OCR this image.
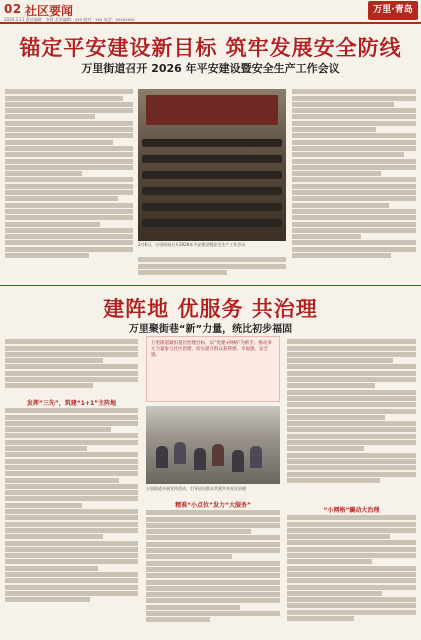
02 社区要闻
2026.3.11 责任编辑：李莉 美术编辑：xxx 校对：xxx 电话：xxxxxxxx
万里·青岛
锚定平安建设新目标 筑牢发展安全防线
万里街道召开 2026 年平安建设暨安全生产工作会议
2月6日，万里街道召开2026年平安建设暨安全生产工作会议
建阵地 优服务 共治理
万里聚街巷“新”力量，统比初步福固
发挥“三先”，筑建“1+1”主阵地
万里街道紧扣基层治理目标，以“党建+网格”为抓手，推动多元力量参与社区治理，切实提升群众获得感、幸福感、安全感。
万里街道开展宣传活动，引导居民群众共建共享社区治理
精准“小点位”发力“大服务”
“小网格”撬动大治理
